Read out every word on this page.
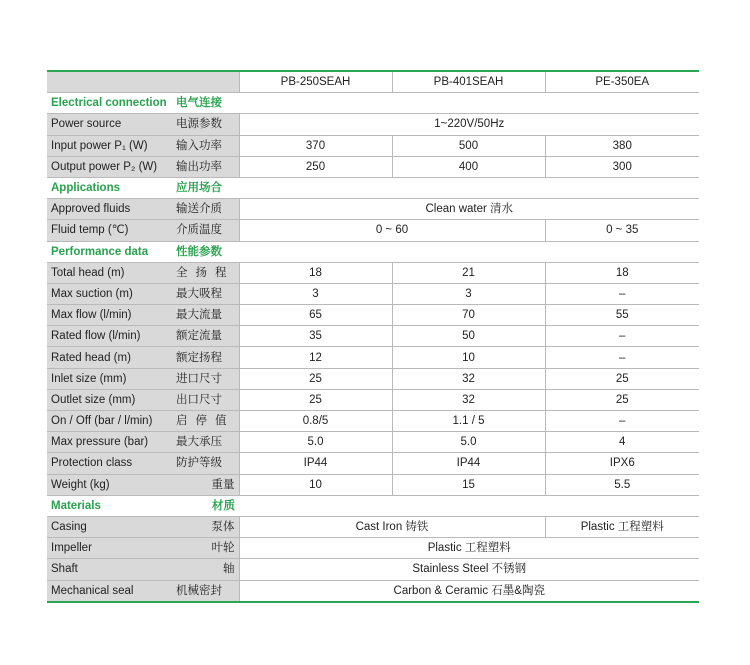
		PB-250SEAH	PB-401SEAH	PE-350EA
Electrical connection	电气连接			
Power source	电源参数	1~220V/50Hz		
Input power P₁ (W)	输入功率	370	500	380
Output power P₂ (W)	输出功率	250	400	300
Applications	应用场合			
Approved fluids	输送介质	Clean water 清水		
Fluid temp (℃)	介质温度	0 ~ 60		0 ~ 35
Performance data	性能参数			
Total head (m)	全扬程	18	21	18
Max suction (m)	最大吸程	3	3	–
Max flow (l/min)	最大流量	65	70	55
Rated flow (l/min)	额定流量	35	50	–
Rated head (m)	额定扬程	12	10	–
Inlet size (mm)	进口尺寸	25	32	25
Outlet size (mm)	出口尺寸	25	32	25
On / Off (bar / l/min)	启停值	0.8/5	1.1 / 5	–
Max pressure (bar)	最大承压	5.0	5.0	4
Protection class	防护等级	IP44	IP44	IPX6
Weight (kg)	重量	10	15	5.5
Materials	材质			
Casing	泵体	Cast Iron 铸铁		Plastic 工程塑料
Impeller	叶轮	Plastic 工程塑料		
Shaft	轴	Stainless Steel 不锈钢		
Mechanical seal	机械密封	Carbon & Ceramic 石墨&陶瓷		
